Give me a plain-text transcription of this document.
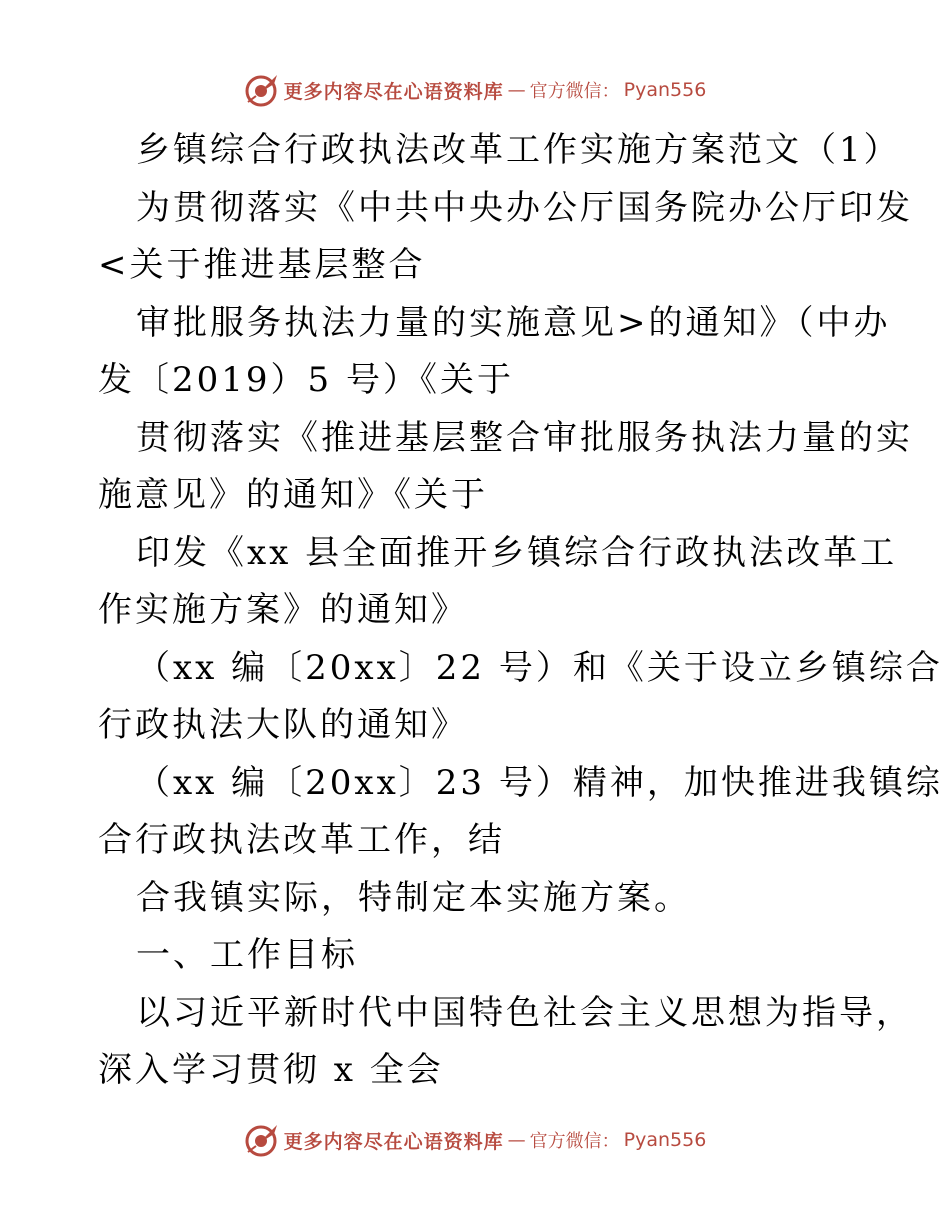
更多内容尽在心语资料库 — 官方微信： Pyan556
乡镇综合行政执法改革工作实施方案范文（1）
为贯彻落实《中共中央办公厅国务院办公厅印发
<关于推进基层整合
审批服务执法力量的实施意见>的通知》（中办
发〔2019）5 号）《关于
贯彻落实《推进基层整合审批服务执法力量的实
施意见》的通知》《关于
印发《xx 县全面推开乡镇综合行政执法改革工
作实施方案》的通知》
（xx 编〔20xx〕22 号）和《关于设立乡镇综合
行政执法大队的通知》
（xx 编〔20xx〕23 号）精神，加快推进我镇综
合行政执法改革工作，结
合我镇实际，特制定本实施方案。
一、工作目标
以习近平新时代中国特色社会主义思想为指导，
深入学习贯彻 x 全会
更多内容尽在心语资料库 — 官方微信： Pyan556
